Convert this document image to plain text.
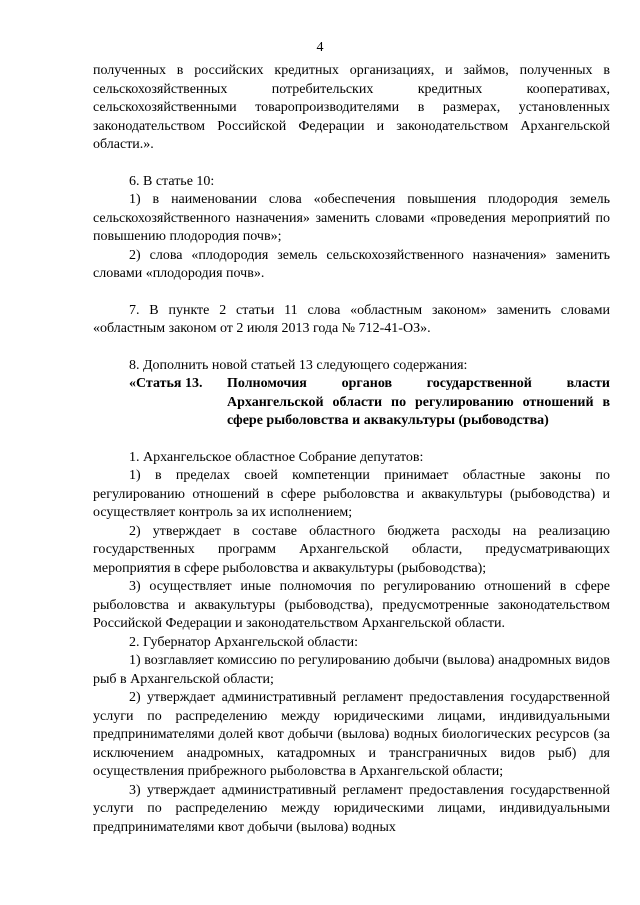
4

полученных в российских кредитных организациях, и займов, полученных в сельскохозяйственных потребительских кредитных кооперативах, сельскохозяйственными товаропроизводителями в размерах, установленных законодательством Российской Федерации и законодательством Архангельской области.».

6. В статье 10:

1) в наименовании слова «обеспечения повышения плодородия земель сельскохозяйственного назначения» заменить словами «проведения мероприятий по повышению плодородия почв»;

2) слова «плодородия земель сельскохозяйственного назначения» заменить словами «плодородия почв».

7. В пункте 2 статьи 11 слова «областным законом» заменить словами «областным законом от 2 июля 2013 года № 712-41-ОЗ».

8. Дополнить новой статьей 13 следующего содержания:

«Статья 13.	Полномочия органов государственной власти Архангельской области по регулированию отношений в сфере рыболовства и аквакультуры (рыбоводства)

1. Архангельское областное Собрание депутатов:

1) в пределах своей компетенции принимает областные законы по регулированию отношений в сфере рыболовства и аквакультуры (рыбоводства) и осуществляет контроль за их исполнением;

2) утверждает в составе областного бюджета расходы на реализацию государственных программ Архангельской области, предусматривающих мероприятия в сфере рыболовства и аквакультуры (рыбоводства);

3) осуществляет иные полномочия по регулированию отношений в сфере рыболовства и аквакультуры (рыбоводства), предусмотренные законодательством Российской Федерации и законодательством Архангельской области.

2. Губернатор Архангельской области:

1) возглавляет комиссию по регулированию добычи (вылова) анадромных видов рыб в Архангельской области;

2) утверждает административный регламент предоставления государственной услуги по распределению между юридическими лицами, индивидуальными предпринимателями долей квот добычи (вылова) водных биологических ресурсов (за исключением анадромных, катадромных и трансграничных видов рыб) для осуществления прибрежного рыболовства в Архангельской области;

3) утверждает административный регламент предоставления государственной услуги по распределению между юридическими лицами, индивидуальными предпринимателями квот добычи (вылова) водных
